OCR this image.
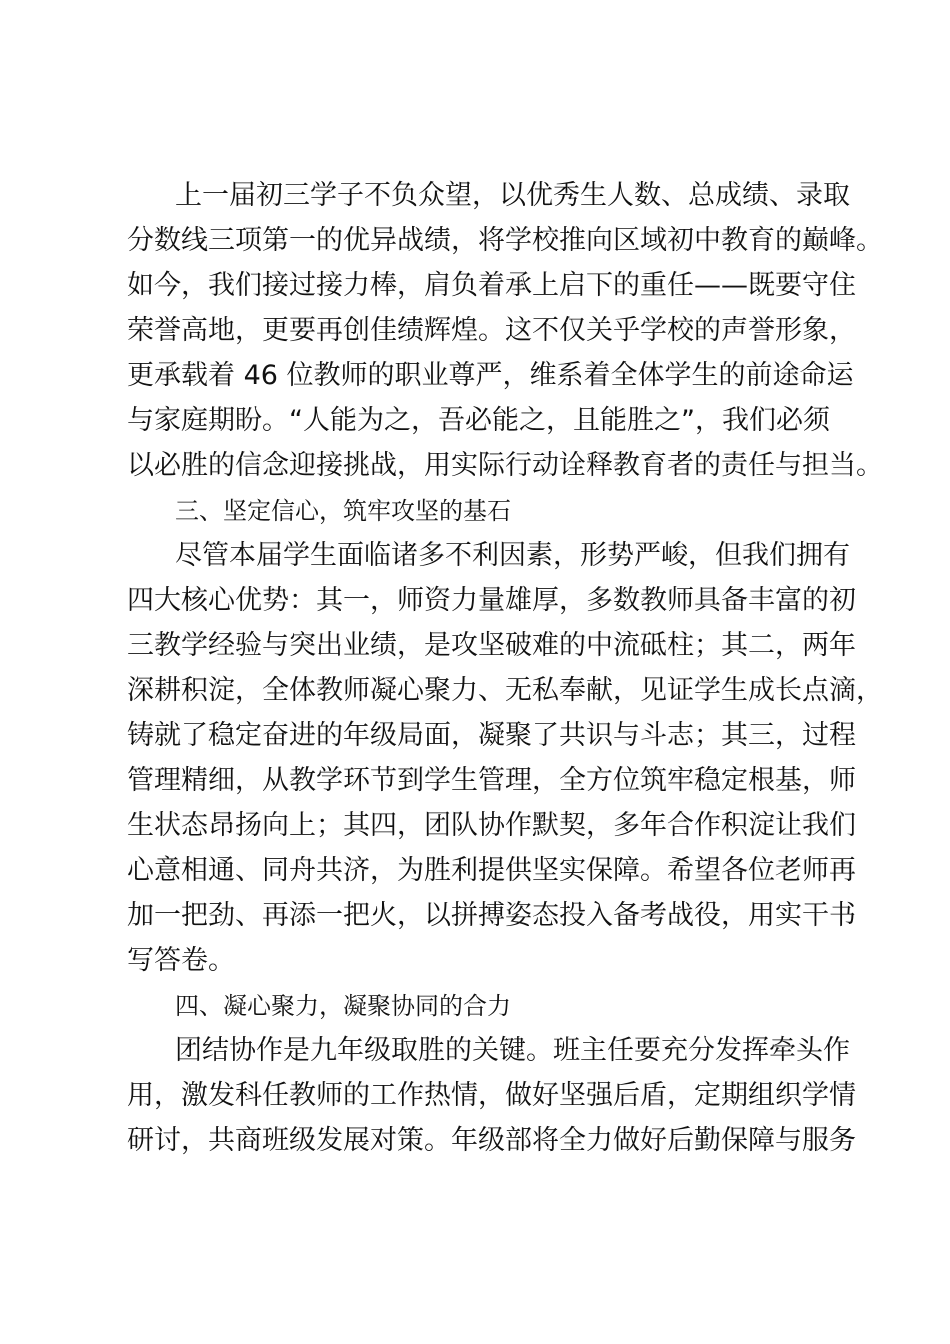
上一届初三学子不负众望，以优秀生人数、总成绩、录取
分数线三项第一的优异战绩，将学校推向区域初中教育的巅峰。
如今，我们接过接力棒，肩负着承上启下的重任——既要守住
荣誉高地，更要再创佳绩辉煌。这不仅关乎学校的声誉形象，
更承载着 46 位教师的职业尊严，维系着全体学生的前途命运
与家庭期盼。“人能为之，吾必能之，且能胜之”，我们必须
以必胜的信念迎接挑战，用实际行动诠释教育者的责任与担当。
三、坚定信心，筑牢攻坚的基石
尽管本届学生面临诸多不利因素，形势严峻，但我们拥有
四大核心优势：其一，师资力量雄厚，多数教师具备丰富的初
三教学经验与突出业绩，是攻坚破难的中流砥柱；其二，两年
深耕积淀，全体教师凝心聚力、无私奉献，见证学生成长点滴，
铸就了稳定奋进的年级局面，凝聚了共识与斗志；其三，过程
管理精细，从教学环节到学生管理，全方位筑牢稳定根基，师
生状态昂扬向上；其四，团队协作默契，多年合作积淀让我们
心意相通、同舟共济，为胜利提供坚实保障。希望各位老师再
加一把劲、再添一把火，以拼搏姿态投入备考战役，用实干书
写答卷。
四、凝心聚力，凝聚协同的合力
团结协作是九年级取胜的关键。班主任要充分发挥牵头作
用，激发科任教师的工作热情，做好坚强后盾，定期组织学情
研讨，共商班级发展对策。年级部将全力做好后勤保障与服务
